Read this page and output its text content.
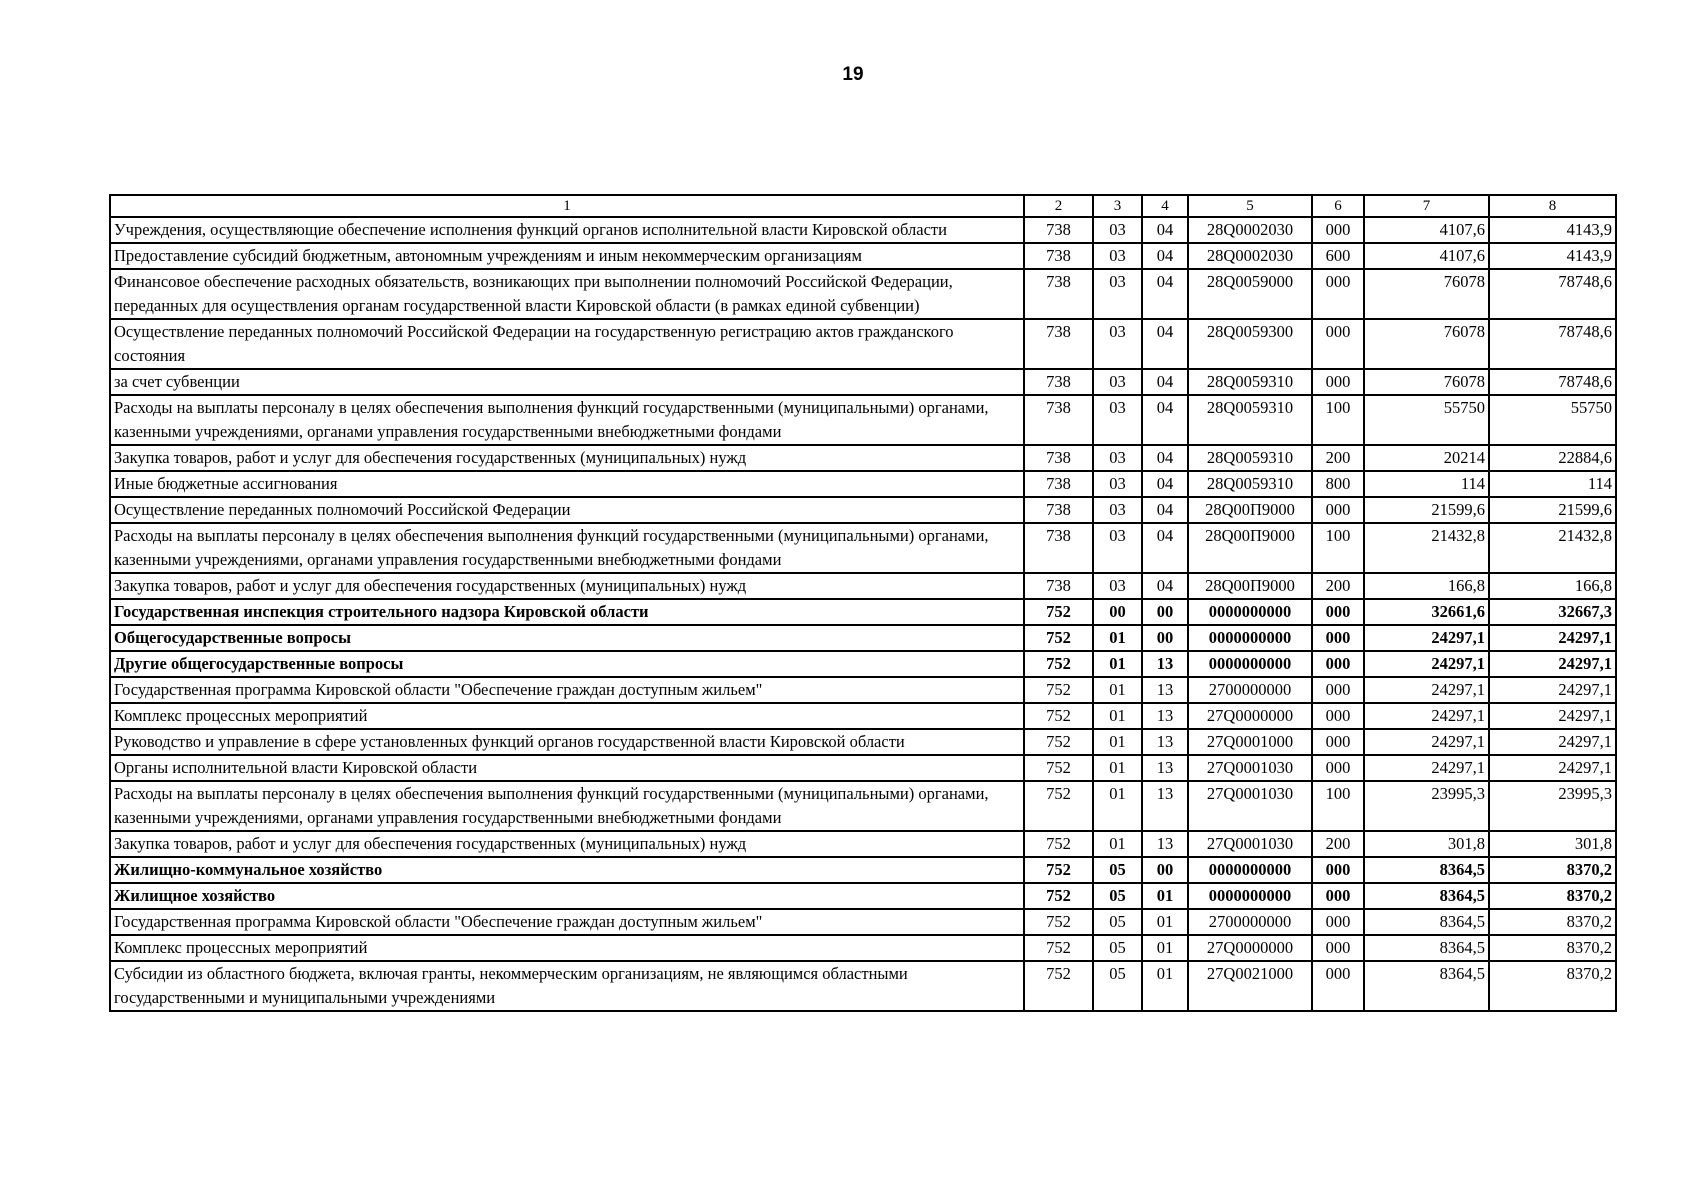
19
1	2	3	4	5	6	7	8
Учреждения, осуществляющие обеспечение исполнения функций органов исполнительной власти Кировской области	738	03	04	28Q0002030	000	4107,6	4143,9
Предоставление субсидий бюджетным, автономным учреждениям и иным некоммерческим организациям	738	03	04	28Q0002030	600	4107,6	4143,9
Финансовое обеспечение расходных обязательств, возникающих при выполнении полномочий Российской Федерации, переданных для осуществления органам государственной власти Кировской области (в рамках единой субвенции)	738	03	04	28Q0059000	000	76078	78748,6
Осуществление переданных полномочий Российской Федерации на государственную регистрацию актов гражданского состояния	738	03	04	28Q0059300	000	76078	78748,6
за счет субвенции	738	03	04	28Q0059310	000	76078	78748,6
Расходы на выплаты персоналу в целях обеспечения выполнения функций государственными (муниципальными) органами, казенными учреждениями, органами управления государственными внебюджетными фондами	738	03	04	28Q0059310	100	55750	55750
Закупка товаров, работ и услуг для обеспечения государственных (муниципальных) нужд	738	03	04	28Q0059310	200	20214	22884,6
Иные бюджетные ассигнования	738	03	04	28Q0059310	800	114	114
Осуществление переданных полномочий Российской Федерации	738	03	04	28Q00П9000	000	21599,6	21599,6
Расходы на выплаты персоналу в целях обеспечения выполнения функций государственными (муниципальными) органами, казенными учреждениями, органами управления государственными внебюджетными фондами	738	03	04	28Q00П9000	100	21432,8	21432,8
Закупка товаров, работ и услуг для обеспечения государственных (муниципальных) нужд	738	03	04	28Q00П9000	200	166,8	166,8
Государственная инспекция строительного надзора Кировской области	752	00	00	0000000000	000	32661,6	32667,3
Общегосударственные вопросы	752	01	00	0000000000	000	24297,1	24297,1
Другие общегосударственные вопросы	752	01	13	0000000000	000	24297,1	24297,1
Государственная программа Кировской области "Обеспечение граждан доступным жильем"	752	01	13	2700000000	000	24297,1	24297,1
Комплекс процессных мероприятий	752	01	13	27Q0000000	000	24297,1	24297,1
Руководство и управление в сфере установленных функций органов государственной власти Кировской области	752	01	13	27Q0001000	000	24297,1	24297,1
Органы исполнительной власти Кировской области	752	01	13	27Q0001030	000	24297,1	24297,1
Расходы на выплаты персоналу в целях обеспечения выполнения функций государственными (муниципальными) органами, казенными учреждениями, органами управления государственными внебюджетными фондами	752	01	13	27Q0001030	100	23995,3	23995,3
Закупка товаров, работ и услуг для обеспечения государственных (муниципальных) нужд	752	01	13	27Q0001030	200	301,8	301,8
Жилищно-коммунальное хозяйство	752	05	00	0000000000	000	8364,5	8370,2
Жилищное хозяйство	752	05	01	0000000000	000	8364,5	8370,2
Государственная программа Кировской области "Обеспечение граждан доступным жильем"	752	05	01	2700000000	000	8364,5	8370,2
Комплекс процессных мероприятий	752	05	01	27Q0000000	000	8364,5	8370,2
Субсидии из областного бюджета, включая гранты, некоммерческим организациям, не являющимся областными государственными и муниципальными учреждениями	752	05	01	27Q0021000	000	8364,5	8370,2
